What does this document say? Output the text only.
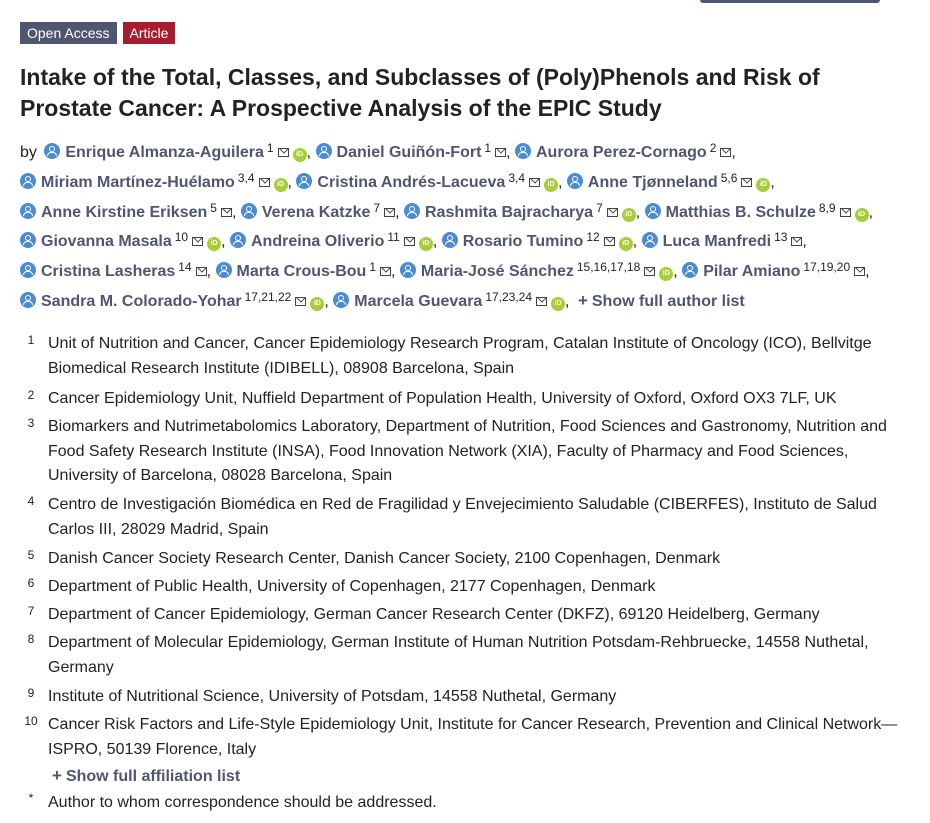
Open Access	Article
Intake of the Total, Classes, and Subclasses of (Poly)Phenols and Risk of Prostate Cancer: A Prospective Analysis of the EPIC Study
by Enrique Almanza-Aguilera $^1$	iD , Daniel Guiñón-Fort $^1$ , Aurora Perez-Cornago $^2$ , Miriam Martínez-Huélamo $^{3,4}$	iD , Cristina Andrés-Lacueva $^{3,4}$	iD , Anne Tjønneland $^{5,6}$	iD , Anne Kirstine Eriksen $^5$ , Verena Katzke $^7$ , Rashmita Bajracharya $^7$	iD , Matthias B. Schulze $^{8,9}$	iD , Giovanna Masala $^{10}$	iD , Andreina Oliverio $^{11}$	iD , Rosario Tumino $^{12}$	iD , Luca Manfredi $^{13}$ , Cristina Lasheras $^{14}$ , Marta Crous-Bou $^1$ , Maria-José Sánchez $^{15,16,17,18}$	iD , Pilar Amiano $^{17,19,20}$ , Sandra M. Colorado-Yohar $^{17,21,22}$	iD , Marcela Guevara $^{17,23,24}$	iD , + Show full author list
1 Unit of Nutrition and Cancer, Cancer Epidemiology Research Program, Catalan Institute of Oncology (ICO), Bellvitge Biomedical Research Institute (IDIBELL), 08908 Barcelona, Spain
2 Cancer Epidemiology Unit, Nuffield Department of Population Health, University of Oxford, Oxford OX3 7LF, UK
3 Biomarkers and Nutrimetabolomics Laboratory, Department of Nutrition, Food Sciences and Gastronomy, Nutrition and Food Safety Research Institute (INSA), Food Innovation Network (XIA), Faculty of Pharmacy and Food Sciences, University of Barcelona, 08028 Barcelona, Spain
4 Centro de Investigación Biomédica en Red de Fragilidad y Envejecimiento Saludable (CIBERFES), Instituto de Salud Carlos III, 28029 Madrid, Spain
5 Danish Cancer Society Research Center, Danish Cancer Society, 2100 Copenhagen, Denmark
6 Department of Public Health, University of Copenhagen, 2177 Copenhagen, Denmark
7 Department of Cancer Epidemiology, German Cancer Research Center (DKFZ), 69120 Heidelberg, Germany
8 Department of Molecular Epidemiology, German Institute of Human Nutrition Potsdam-Rehbruecke, 14558 Nuthetal, Germany
9 Institute of Nutritional Science, University of Potsdam, 14558 Nuthetal, Germany
10 Cancer Risk Factors and Life-Style Epidemiology Unit, Institute for Cancer Research, Prevention and Clinical Network—ISPRO, 50139 Florence, Italy
+ Show full affiliation list
* Author to whom correspondence should be addressed.
